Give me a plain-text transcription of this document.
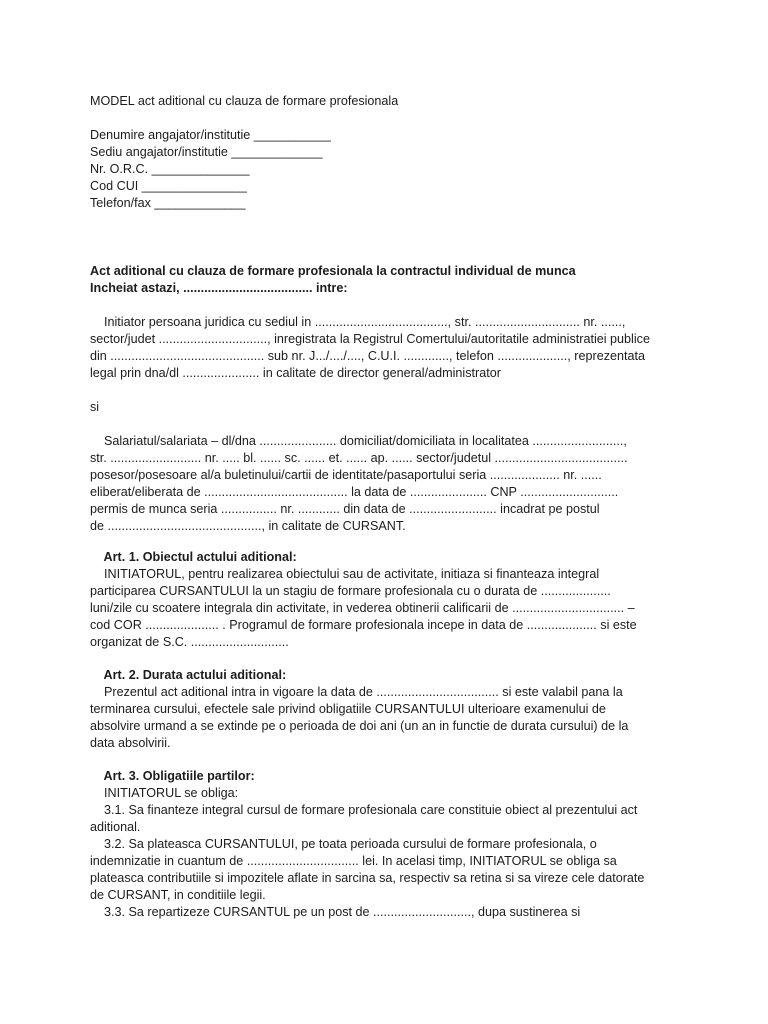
MODEL act aditional cu clauza de formare profesionala
Denumire angajator/institutie ___________
Sediu angajator/institutie _____________
Nr. O.R.C. ______________
Cod CUI _______________
Telefon/fax _____________
Act aditional cu clauza de formare profesionala la contractul individual de munca
Incheiat astazi, ..................................... intre:
Initiator persoana juridica cu sediul in ......................................, str. .............................. nr. ......,
sector/judet ..............................., inregistrata la Registrul Comertului/autoritatile administratiei publice
din ............................................ sub nr. J.../..../...., C.U.I. ............., telefon ...................., reprezentata
legal prin dna/dl ...................... in calitate de director general/administrator
si
Salariatul/salariata – dl/dna ...................... domiciliat/domiciliata in localitatea ..........................,
str. .......................... nr. ..... bl. ...... sc. ...... et. ...... ap. ...... sector/judetul ......................................
posesor/posesoare al/a buletinului/cartii de identitate/pasaportului seria .................... nr. ......
eliberat/eliberata de ......................................... la data de ...................... CNP ............................
permis de munca seria ................ nr. ............ din data de ......................... incadrat pe postul
de ............................................, in calitate de CURSANT.
Art. 1. Obiectul actului aditional:
INITIATORUL, pentru realizarea obiectului sau de activitate, initiaza si finanteaza integral
participarea CURSANTULUI la un stagiu de formare profesionala cu o durata de ....................
luni/zile cu scoatere integrala din activitate, in vederea obtinerii calificarii de ................................ –
cod COR ..................... . Programul de formare profesionala incepe in data de .................... si este
organizat de S.C. ............................
Art. 2. Durata actului aditional:
Prezentul act aditional intra in vigoare la data de ................................... si este valabil pana la
terminarea cursului, efectele sale privind obligatiile CURSANTULUI ulterioare examenului de
absolvire urmand a se extinde pe o perioada de doi ani (un an in functie de durata cursului) de la
data absolvirii.
Art. 3. Obligatiile partilor:
INITIATORUL se obliga:
3.1. Sa finanteze integral cursul de formare profesionala care constituie obiect al prezentului act
aditional.
3.2. Sa plateasca CURSANTULUI, pe toata perioada cursului de formare profesionala, o
indemnizatie in cuantum de ................................ lei. In acelasi timp, INITIATORUL se obliga sa
plateasca contributiile si impozitele aflate in sarcina sa, respectiv sa retina si sa vireze cele datorate
de CURSANT, in conditiile legii.
3.3. Sa repartizeze CURSANTUL pe un post de ............................, dupa sustinerea si
